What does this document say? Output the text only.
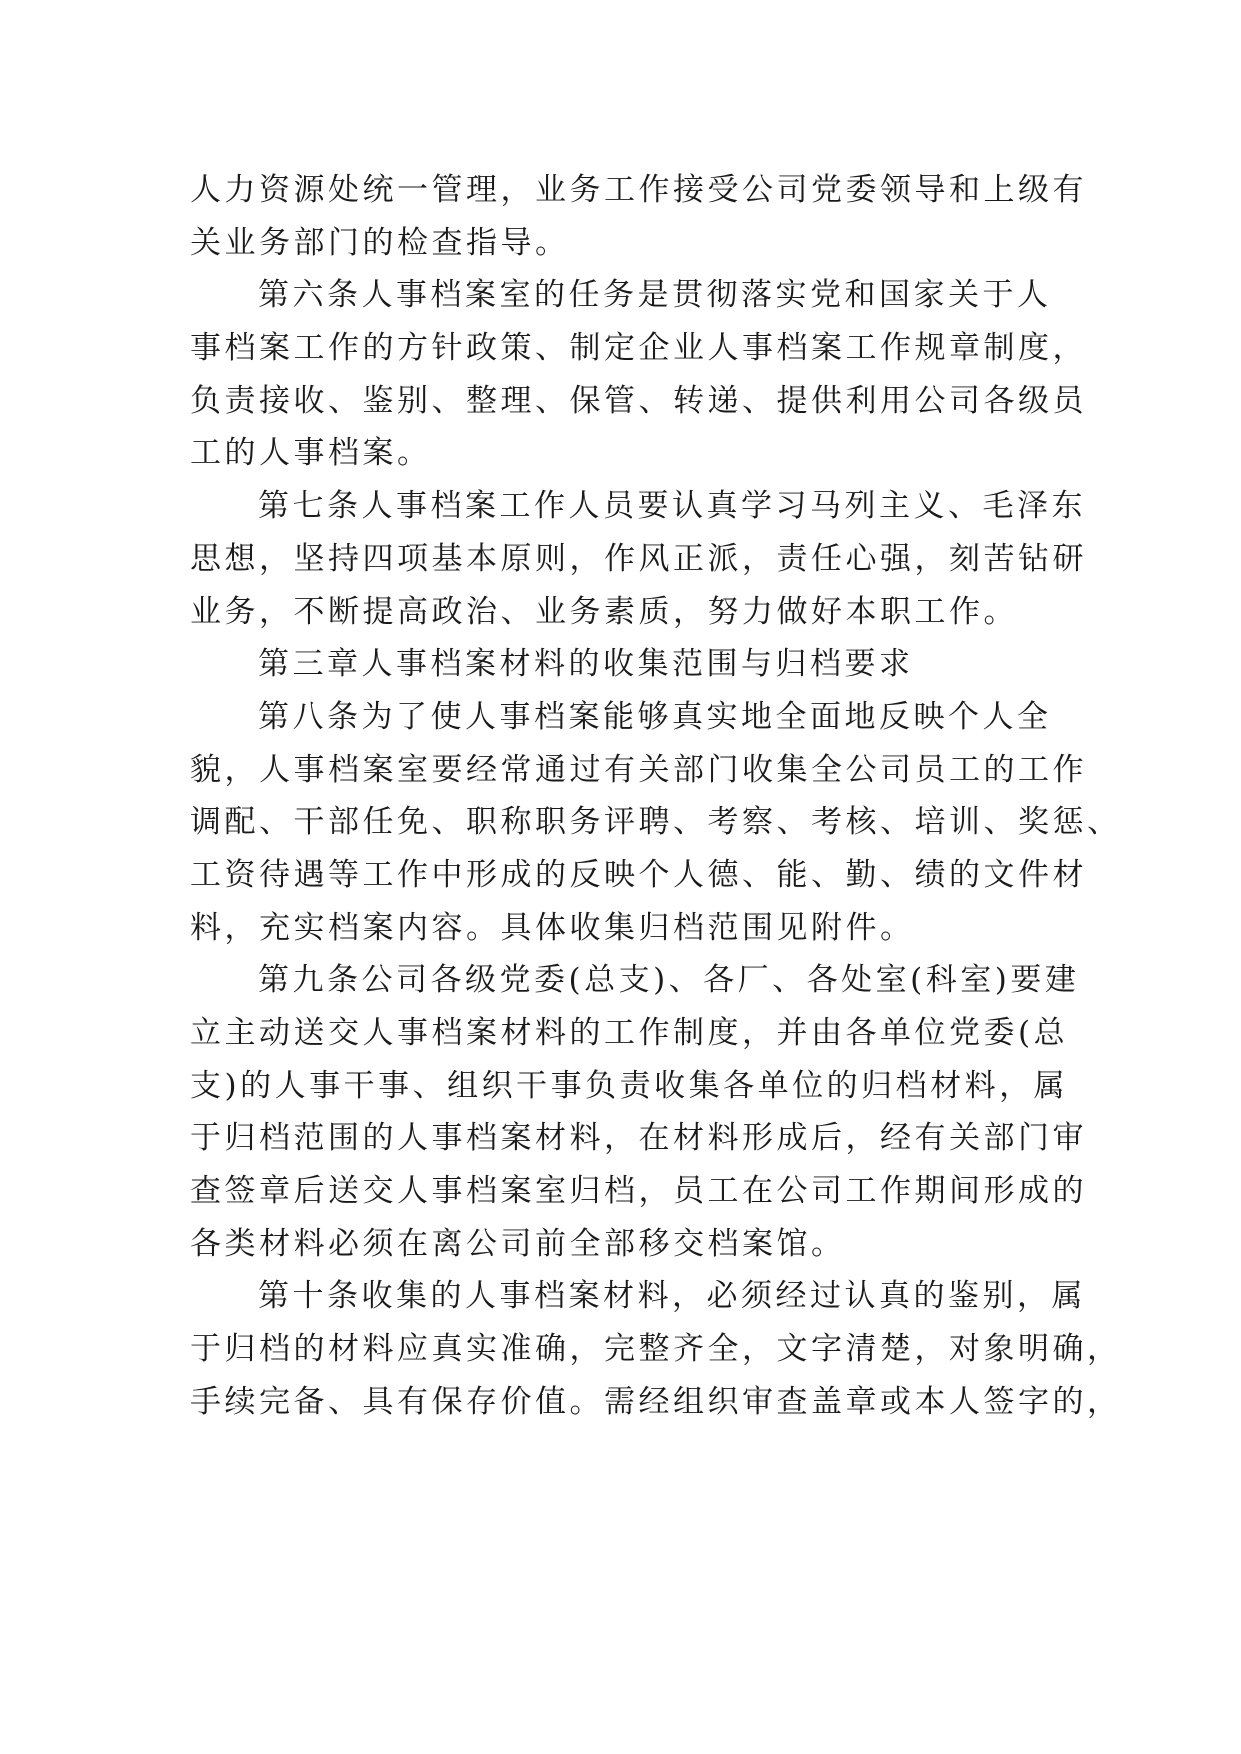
人力资源处统一管理，业务工作接受公司党委领导和上级有
关业务部门的检查指导。
第六条人事档案室的任务是贯彻落实党和国家关于人
事档案工作的方针政策、制定企业人事档案工作规章制度，
负责接收、鉴别、整理、保管、转递、提供利用公司各级员
工的人事档案。
第七条人事档案工作人员要认真学习马列主义、毛泽东
思想，坚持四项基本原则，作风正派，责任心强，刻苦钻研
业务，不断提高政治、业务素质，努力做好本职工作。
第三章人事档案材料的收集范围与归档要求
第八条为了使人事档案能够真实地全面地反映个人全
貌，人事档案室要经常通过有关部门收集全公司员工的工作
调配、干部任免、职称职务评聘、考察、考核、培训、奖惩、
工资待遇等工作中形成的反映个人德、能、勤、绩的文件材
料，充实档案内容。具体收集归档范围见附件。
第九条公司各级党委(总支)、各厂、各处室(科室)要建
立主动送交人事档案材料的工作制度，并由各单位党委(总
支)的人事干事、组织干事负责收集各单位的归档材料，属
于归档范围的人事档案材料，在材料形成后，经有关部门审
查签章后送交人事档案室归档，员工在公司工作期间形成的
各类材料必须在离公司前全部移交档案馆。
第十条收集的人事档案材料，必须经过认真的鉴别，属
于归档的材料应真实准确，完整齐全，文字清楚，对象明确，
手续完备、具有保存价值。需经组织审查盖章或本人签字的，
